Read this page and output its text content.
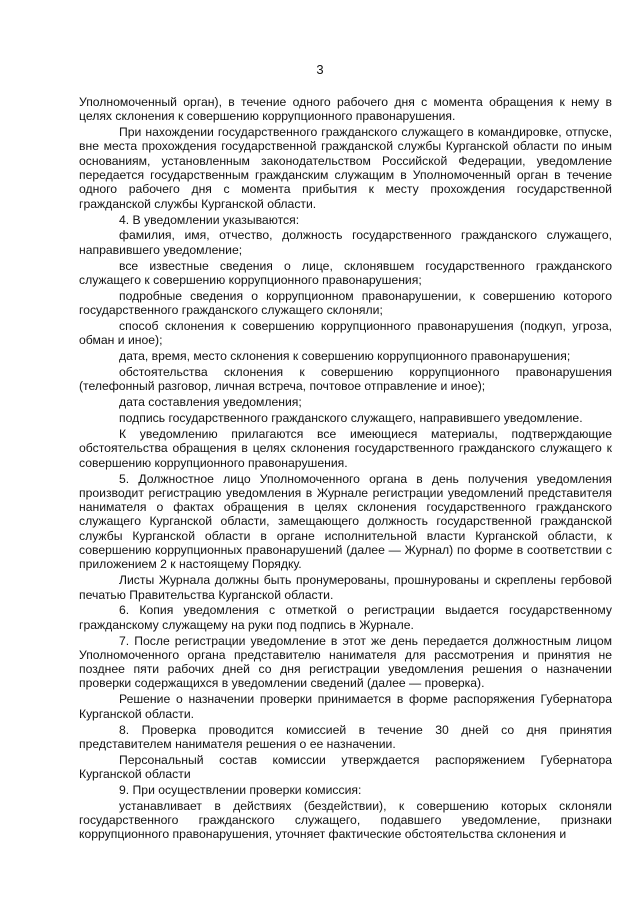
3

Уполномоченный орган), в течение одного рабочего дня с момента обращения к нему в целях склонения к совершению коррупционного правонарушения.

При нахождении государственного гражданского служащего в командировке, отпуске, вне места прохождения государственной гражданской службы Курганской области по иным основаниям, установленным законодательством Российской Федерации, уведомление передается государственным гражданским служащим в Уполномоченный орган в течение одного рабочего дня с момента прибытия к месту прохождения государственной гражданской службы Курганской области.

4. В уведомлении указываются:

фамилия, имя, отчество, должность государственного гражданского служащего, направившего уведомление;

все известные сведения о лице, склонявшем государственного гражданского служащего к совершению коррупционного правонарушения;

подробные сведения о коррупционном правонарушении, к совершению которого государственного гражданского служащего склоняли;

способ склонения к совершению коррупционного правонарушения (подкуп, угроза, обман и иное);

дата, время, место склонения к совершению коррупционного правонарушения;

обстоятельства склонения к совершению коррупционного правонарушения (телефонный разговор, личная встреча, почтовое отправление и иное);

дата составления уведомления;

подпись государственного гражданского служащего, направившего уведомление.

К уведомлению прилагаются все имеющиеся материалы, подтверждающие обстоятельства обращения в целях склонения государственного гражданского служащего к совершению коррупционного правонарушения.

5. Должностное лицо Уполномоченного органа в день получения уведомления производит регистрацию уведомления в Журнале регистрации уведомлений представителя нанимателя о фактах обращения в целях склонения государственного гражданского служащего Курганской области, замещающего должность государственной гражданской службы Курганской области в органе исполнительной власти Курганской области, к совершению коррупционных правонарушений (далее — Журнал) по форме в соответствии с приложением 2 к настоящему Порядку.

Листы Журнала должны быть пронумерованы, прошнурованы и скреплены гербовой печатью Правительства Курганской области.

6. Копия уведомления с отметкой о регистрации выдается государственному гражданскому служащему на руки под подпись в Журнале.

7. После регистрации уведомление в этот же день передается должностным лицом Уполномоченного органа представителю нанимателя для рассмотрения и принятия не позднее пяти рабочих дней со дня регистрации уведомления решения о назначении проверки содержащихся в уведомлении сведений (далее — проверка).

Решение о назначении проверки принимается в форме распоряжения Губернатора Курганской области.

8. Проверка проводится комиссией в течение 30 дней со дня принятия представителем нанимателя решения о ее назначении.

Персональный состав комиссии утверждается распоряжением Губернатора Курганской области

9. При осуществлении проверки комиссия:

устанавливает в действиях (бездействии), к совершению которых склоняли государственного гражданского служащего, подавшего уведомление, признаки коррупционного правонарушения, уточняет фактические обстоятельства склонения и
